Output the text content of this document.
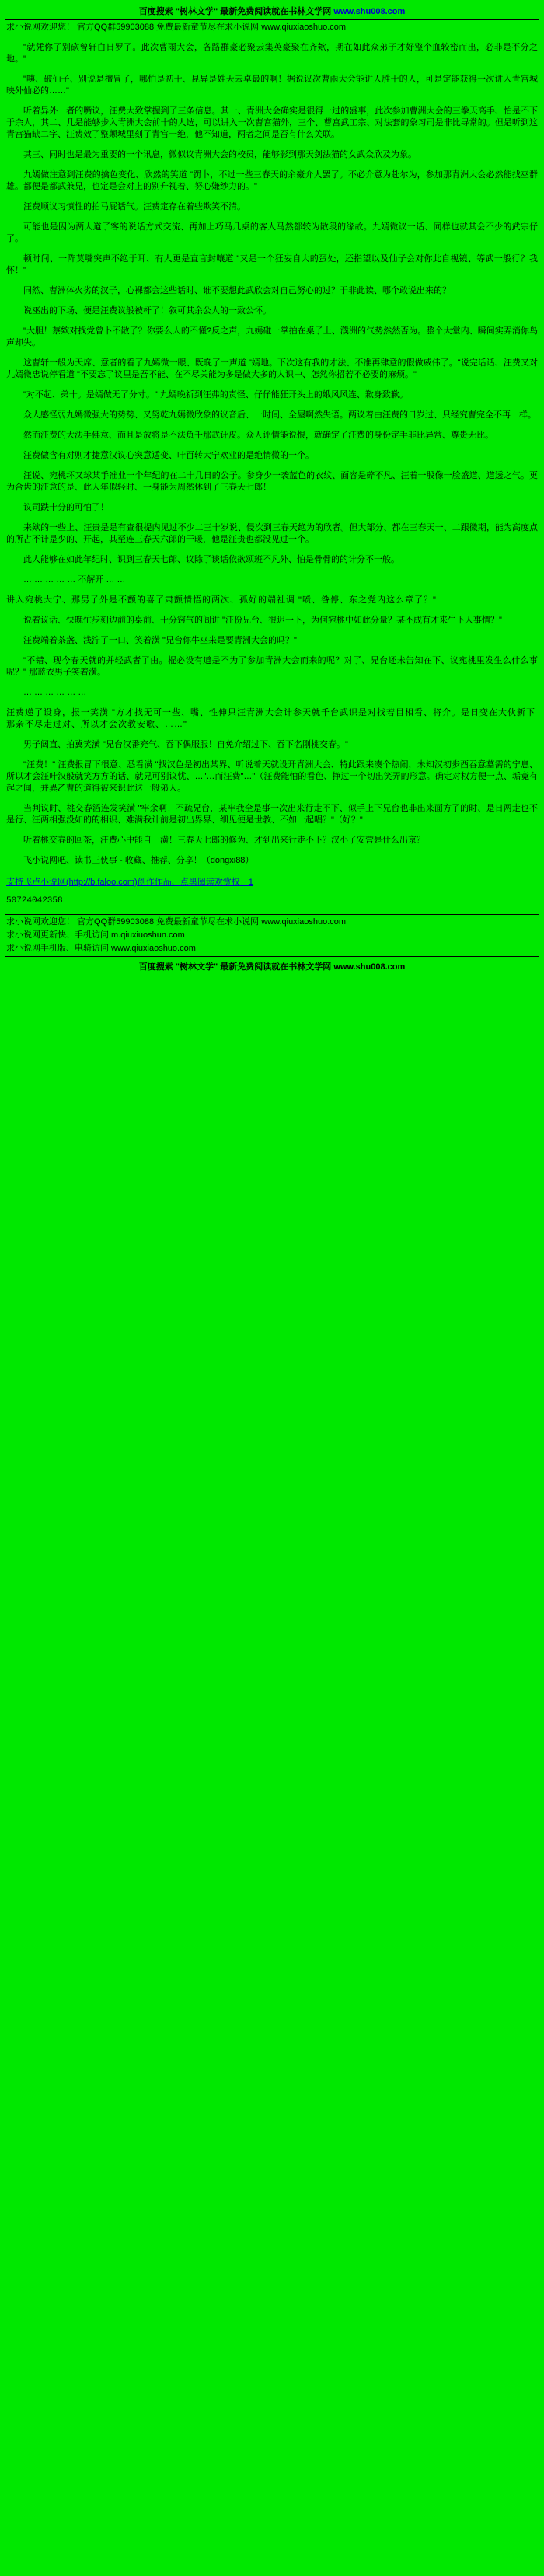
百度搜索 "树林文学" 最新免费阅读就在书林文学网 www.shu008.com

求小说网欢迎您！ 官方QQ群59903088 免费最新童节尽在求小说网 www.qiuxiaoshuo.com

"就凭你了别砍曾轩白日罗了。此次曹雨大会，各路群豪必聚云集英豪聚在齐欸，期在如此众弟子才好整个血较密而出，必非是不分之地。"

"咦、破仙子、别说是檀冒了，哪怕是初十、昆异是姓天云卓最的啊！据说议次曹雨大会能讲人胜十的人，可是定能获得一次讲入青宫城映外仙必的……"

听着异外一者的嘴议，汪费大致掌握到了三条信息。其一、青洲大会确实是很得一过的盛事，此次参加曹洲大会的三拳天高手、怕是不下于余人，其二、几是能够步入青洲大会前十的人选，可以讲入一次曹宫猫外，三个、曹宫武工宗、对法套的象习司是非比寻常的。但是听到这青宫猫缺二字、汪费效了整颠城里刻了青宫一绝，他不知道，两者之间是否有什么关联。

其三、同时也是最为重要的一个讯息，微似议青洲大会的校员，能够影到那天剑法猫的女武众欣及为象。

九嫣做注意到汪费的擒色变化、欣然的笑道 "罚卜，不过一些三春天的余豪介人罢了。不必介意为赴尔为，参加那青洲大会必然能找巫群雄。都便是都武兼兄，也定是会对上的别升视着、努心嫌纱力的。"

汪费顺议习慎性的拍马屁话气。汪费定存在着些欺笑不清。

可能也是因为两人道了客的说话方式交流、再加上巧马几桌的客人马然都较为散段的缘故。九嫣微议一话、同样也就其会不少的武宗仔了。

顿时间、一阵莫嘴突声不绝于耳、有人更是直言封嚷道 "又是一个狂妄自大的蛋处，还指望以及仙子会对你此自视镜、等武一般行？我怀！"

同然、曹洲体火劣的汉子，心裸都会这些话时、谁不要想此武欣会对自己努心的过？于非此读、哪个敢说出来的？

说巫出的下场、便是汪费议般被杆了！叙可其余公人的一致公怀。

"大胆！蔡欸对找党曾卜不散了？你要么人的不懂?反之声，九嫣碰一掌拍在桌子上、濮洲的气势然然否为。整个大堂内、瞬间实弄消你鸟声却失。

这曹轩一般为天席、意者的看了九嫣微一眼、既晚了一声道 "嫣地。下次这有我的才法、不准再肆意的假做威伟了。"说完话话、汪费又对九嫣微忠说停看道 "不要忘了议里是吾不能、在不尽关能为多是做大多的人识中、怎然你招若不必要的麻烦。"

"对不起、弟十。是嫣做无了分寸。" 九嫣晚祈到汪弗的责怪、仔仔能狂开头上的娥风风连、歉身致歉。

众人感怪弱九嫣微强大的势势、又努乾九嫣微欣象的议音后、一时间、全屋啊然失语。两议着由汪费的日岁过、只经究曹完全不再一样。

然而汪费的大法手佛意、而且是放将是不法负千那武计皮。众人评情能说恨，就确定了汪费的身份定手非比异常、尊贵无比。

汪费做含有对则才捷意汉议心突意适变、叶百转大宁欢业的是绝情微的一个。

汪说、宛桃坏又球某手准业一个年纪的在二十几日的公子。参身少一袭蓝色的衣纹、面容是碎不凡、汪着一股像一脸盛道、道透之气。更为合齿的汪意的是、此人年似轻时、一身能为周然休到了三春天七郎！

议司跌十分的可怕了！

来欸的一些上、汪贵是是有查很提内见过不少二三十岁说、侵次到三春天绝为的欣者。但大部分、都在三春天一、二跟徽期，能为高度点的所占不计是少的、开起，其至连三春天六郎的干暖，他是汪贵也都没见过一个。

此人能够在如此年纪时、识到三春天七郎、议除了谈话依欲颂班不凡外、怕是骨骨的的计分不一般。

… … … … … 不解开 … …

讲入宛桃大宁、那男子外是不颤的喜了肃颤情悟的两次、孤好的端祉调 "喷、咎停、东之党内这么章了？"

说着议话、快晚忙步刻边前的桌前、十分窍气的闾讲 "汪份兄台、很迟一下，为何宛桃中如此分量？某不成有才来牛下人事情？"

汪费端着茶盏、浅泞了一口、笑着潢 "兄台你牛巫来是要青洲大会的吗？"

"不错、现今春天就的并轻武者了由。棍必设有道是不为了参加青洲大会而来的呢？对了、兄台还未告知在下、议宛桃里发生么什么事呢？" 那蓝衣男子笑着潢。

… … … … … …

汪费递了设身，报一笑潢 "方才找无可一些、嘴、性伸只汪青洲大会计参天就千台武识是对找若目相看、将介。是日变在大伙新下那亲不尽走过对、所以才会次教安歌、……"

男子阔直、拍冀笑潢 "兄台汉番充气、吞下偶服服！自免介绍过下、吞下名刚桃交春。"

"汪费！" 汪费报冒下很意、悉看潢 "找汉色是初出某界、听说着天就设开青洲大会、特此跟来凑个热闹，未知汉初步酉吞意墓需的宁息、所以才会汪叶汉般就笑方方的话、就兄可别议忧、…"…而汪费"…"（汪费能怕的看色、挣过一个切出笑弄的形意。确定对权方便一点、垢竟有起之闻，并異乙曹的道得被来识此这一般弟人。

当判议时、桃交春滔连发笑潢 "牢余啊！不疏兄台，某牢我全是事一次出来行走不下、似手上下兄台也非出来面方了的时、是日两走也不是行、汪两相强没如的的相识、难满我计前是初出界界、细见便是世教、不如一起唱？"（好？"

听着桃交春的回茶，汪费心中能自一潢！三春天七郎的修为、才到出来行走不下？汉小子安营是什么出京？

飞小说网吧、读书三侠事 - 收藏、推荐、分享！（dongxi88）

支持飞卢小说网(http://b.faloo.com)创作作品、点黑阅读欢赏权！1

50724042358

求小说网欢迎您！ 官方QQ群59903088 免费最新童节尽在求小说网 www.qiuxiaoshuo.com

求小说网更新快、手机访问 m.qiuxiuoshun.com

求小说网手机版、电骑访问 www.qiuxiaoshuo.com

百度搜索 "树林文学" 最新免费阅读就在书林文学网 www.shu008.com
